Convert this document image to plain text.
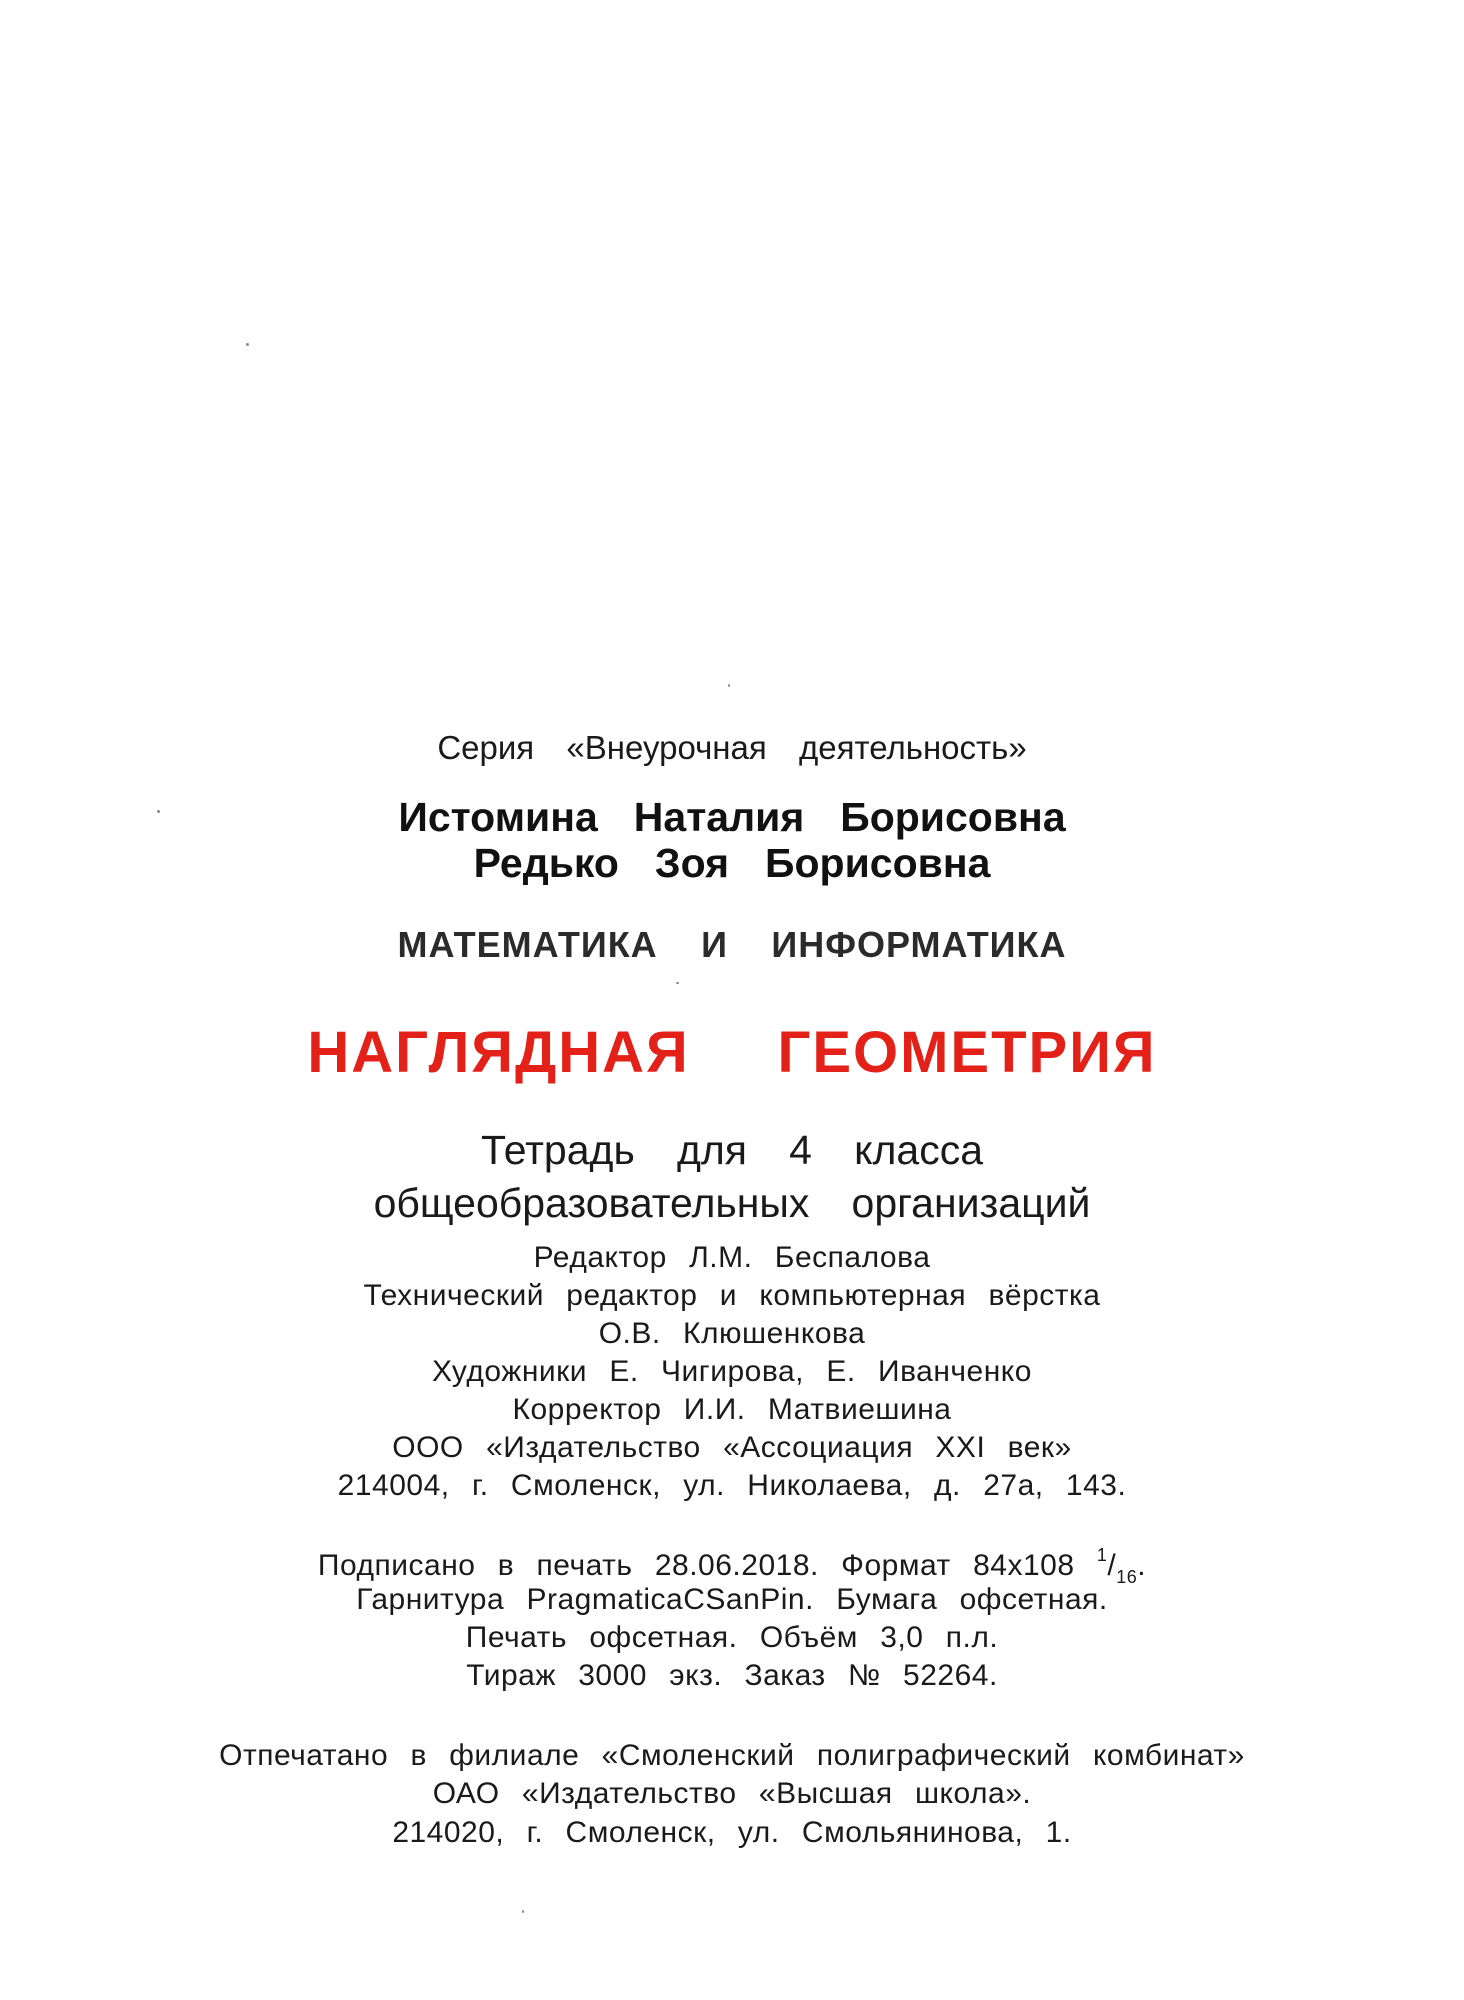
Серия «Внеурочная деятельность»
Истомина Наталия Борисовна
Редько Зоя Борисовна
МАТЕМАТИКА И ИНФОРМАТИКА
НАГЛЯДНАЯ ГЕОМЕТРИЯ
Тетрадь для 4 класса
общеобразовательных организаций
Редактор Л.М. Беспалова
Технический редактор и компьютерная вёрстка
О.В. Клюшенкова
Художники Е. Чигирова, Е. Иванченко
Корректор И.И. Матвиешина
ООО «Издательство «Ассоциация XXI век»
214004, г. Смоленск, ул. Николаева, д. 27а, 143.
Подписано в печать 28.06.2018. Формат 84x108 $^1/_{16}$.
Гарнитура PragmaticaCSanPin. Бумага офсетная.
Печать офсетная. Объём 3,0 п.л.
Тираж 3000 экз. Заказ № 52264.
Отпечатано в филиале «Смоленский полиграфический комбинат»
ОАО «Издательство «Высшая школа».
214020, г. Смоленск, ул. Смольянинова, 1.
